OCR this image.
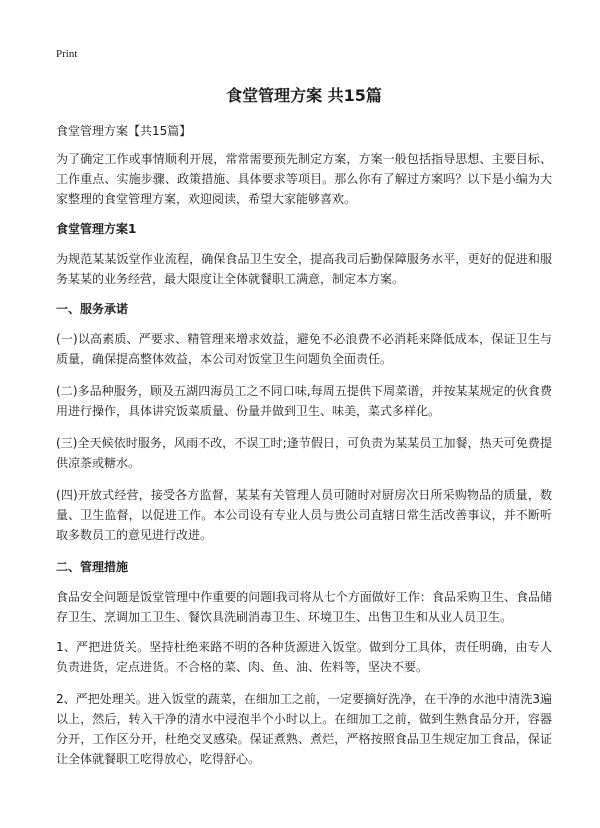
Print
食堂管理方案 共15篇

食堂管理方案【共15篇】

为了确定工作或事情顺利开展，常常需要预先制定方案，方案一般包括指导思想、主要目标、工作重点、实施步骤、政策措施、具体要求等项目。那么你有了解过方案吗？以下是小编为大家整理的食堂管理方案，欢迎阅读，希望大家能够喜欢。

食堂管理方案1

为规范某某饭堂作业流程，确保食品卫生安全，提高我司后勤保障服务水平，更好的促进和服务某某的业务经营，最大限度让全体就餐职工满意，制定本方案。

一、服务承诺

(一)以高素质、严要求、精管理来增求效益，避免不必浪费不必消耗来降低成本，保证卫生与质量，确保提高整体效益，本公司对饭堂卫生问题负全面责任。

(二)多品种服务，顾及五湖四海员工之不同口味,每周五提供下周菜谱，并按某某规定的伙食费用进行操作，具体讲究饭菜质量、份量并做到卫生、味美，菜式多样化。

(三)全天候依时服务，风雨不改，不误工时;逢节假日，可负责为某某员工加餐，热天可免费提供凉茶或糖水。

(四)开放式经营，接受各方监督，某某有关管理人员可随时对厨房次日所采购物品的质量，数量、卫生监督，以促进工作。本公司设有专业人员与贵公司直辖日常生活改善事议，并不断听取多数员工的意见进行改进。

二、管理措施

食品安全问题是饭堂管理中作重要的问题l我司将从七个方面做好工作：食品采购卫生、食品储存卫生、烹调加工卫生、餐饮具洗刷消毒卫生、环境卫生、出售卫生和从业人员卫生。

1、严把进货关。坚持杜绝来路不明的各种货源进入饭堂。做到分工具体，责任明确，由专人负责进货，定点进货。不合格的菜、肉、鱼、油、佐料等，坚决不要。

2、严把处理关。进入饭堂的蔬菜，在细加工之前，一定要摘好洗净，在干净的水池中清洗3遍以上，然后，转入干净的清水中浸泡半个小时以上。在细加工之前，做到生熟食品分开，容器分开，工作区分开，杜绝交叉感染。保证煮熟、煮烂，严格按照食品卫生规定加工食品，保证让全体就餐职工吃得放心，吃得舒心。
